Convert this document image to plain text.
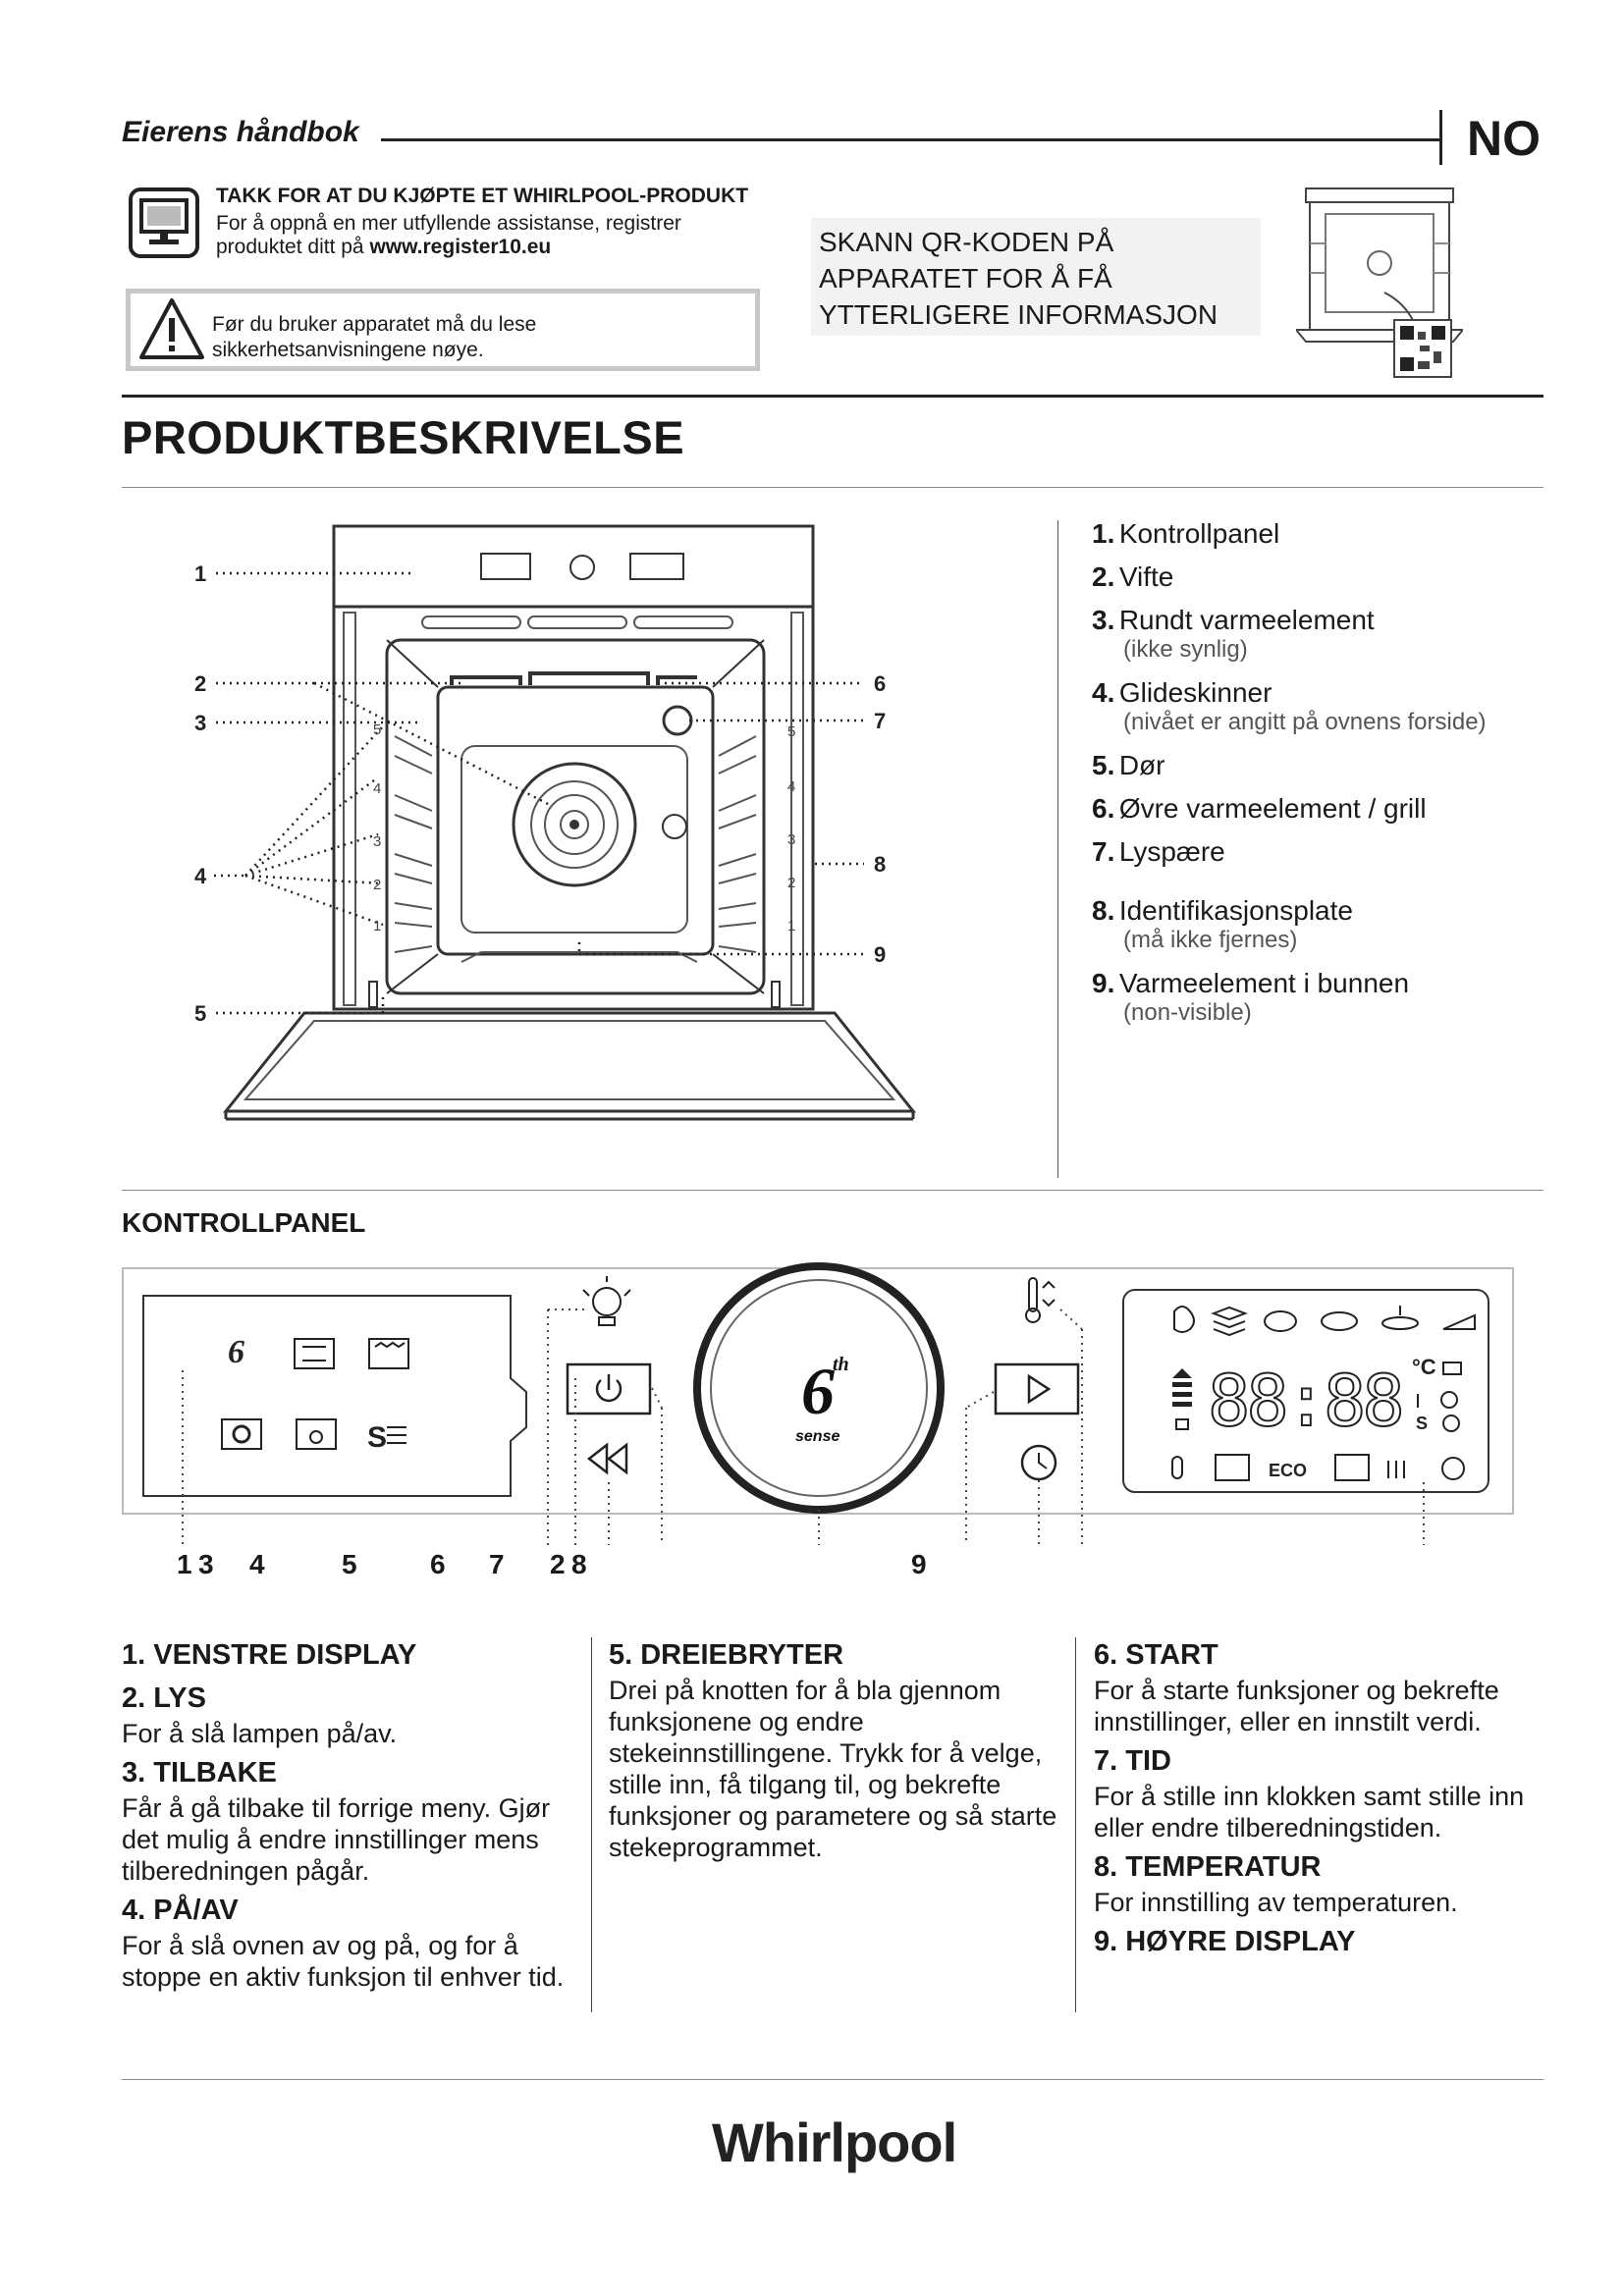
Eierens håndbok	NO
TAKK FOR AT DU KJØPTE ET WHIRLPOOL-PRODUKT
For å oppnå en mer utfyllende assistanse, registrer produktet ditt på www.register10.eu
Før du bruker apparatet må du lese sikkerhetsanvisningene nøye.
SKANN QR-KODEN PÅ APPARATET FOR Å FÅ YTTERLIGERE INFORMASJON
PRODUKTBESKRIVELSE
1
2
3
4
5
6
7
8
9
5
4
3
2
1
5
4
3
2
1
1. Kontrollpanel
2. Vifte
3. Rundt varmeelement
(ikke synlig)
4. Glideskinner
(nivået er angitt på ovnens forside)
5. Dør
6. Øvre varmeelement / grill
7. Lyspære
8. Identifikasjonsplate
(må ikke fjernes)
9. Varmeelement i bunnen
(non-visible)
KONTROLLPANEL
6
S
6
th
sense	88:88 °C
S
ECO
1 3 4	5	6 7 2 8	9
1. VENSTRE DISPLAY
2. LYS

For å slå lampen på/av.

3. TILBAKE

Får å gå tilbake til forrige meny. Gjør det mulig å endre innstillinger mens tilberedningen pågår.

4. PÅ/AV

For å slå ovnen av og på, og for å stoppe en aktiv funksjon til enhver tid.

5. DREIEBRYTER

Drei på knotten for å bla gjennom funksjonene og endre stekeinnstillingene. Trykk for å velge, stille inn, få tilgang til, og bekrefte funksjoner og parametere og så starte stekeprogrammet.

6. START

For å starte funksjoner og bekrefte innstillinger, eller en innstilt verdi.

7. TID

For å stille inn klokken samt stille inn eller endre tilberedningstiden.

8. TEMPERATUR

For innstilling av temperaturen.

9. HØYRE DISPLAY
Whirlpool
